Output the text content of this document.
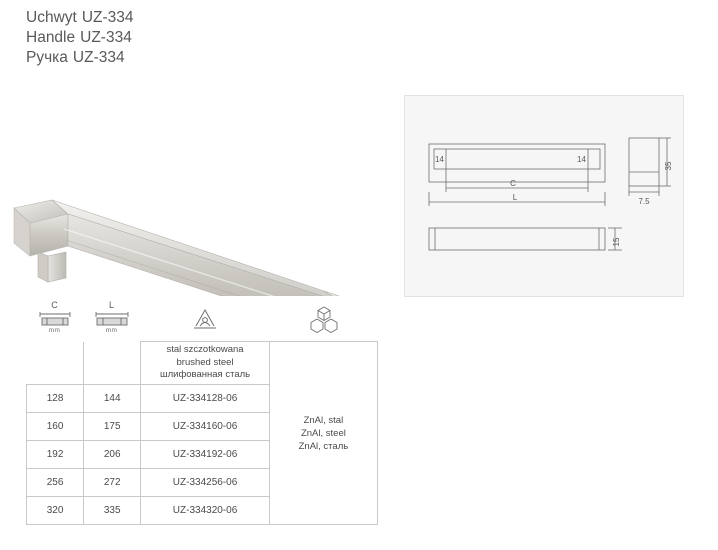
Uchwyt UZ-334
Handle UZ-334
Ручка UZ-334
14	14
C
L
35
7.5
15
C
mm
L
mm

		stal szczotkowana
brushed steel
шлифованная сталь	ZnAl, stal
ZnAl, steel
ZnAl, сталь

128	144	UZ-334128-06	
160	175	UZ-334160-06	
192	206	UZ-334192-06	
256	272	UZ-334256-06	
320	335	UZ-334320-06	
